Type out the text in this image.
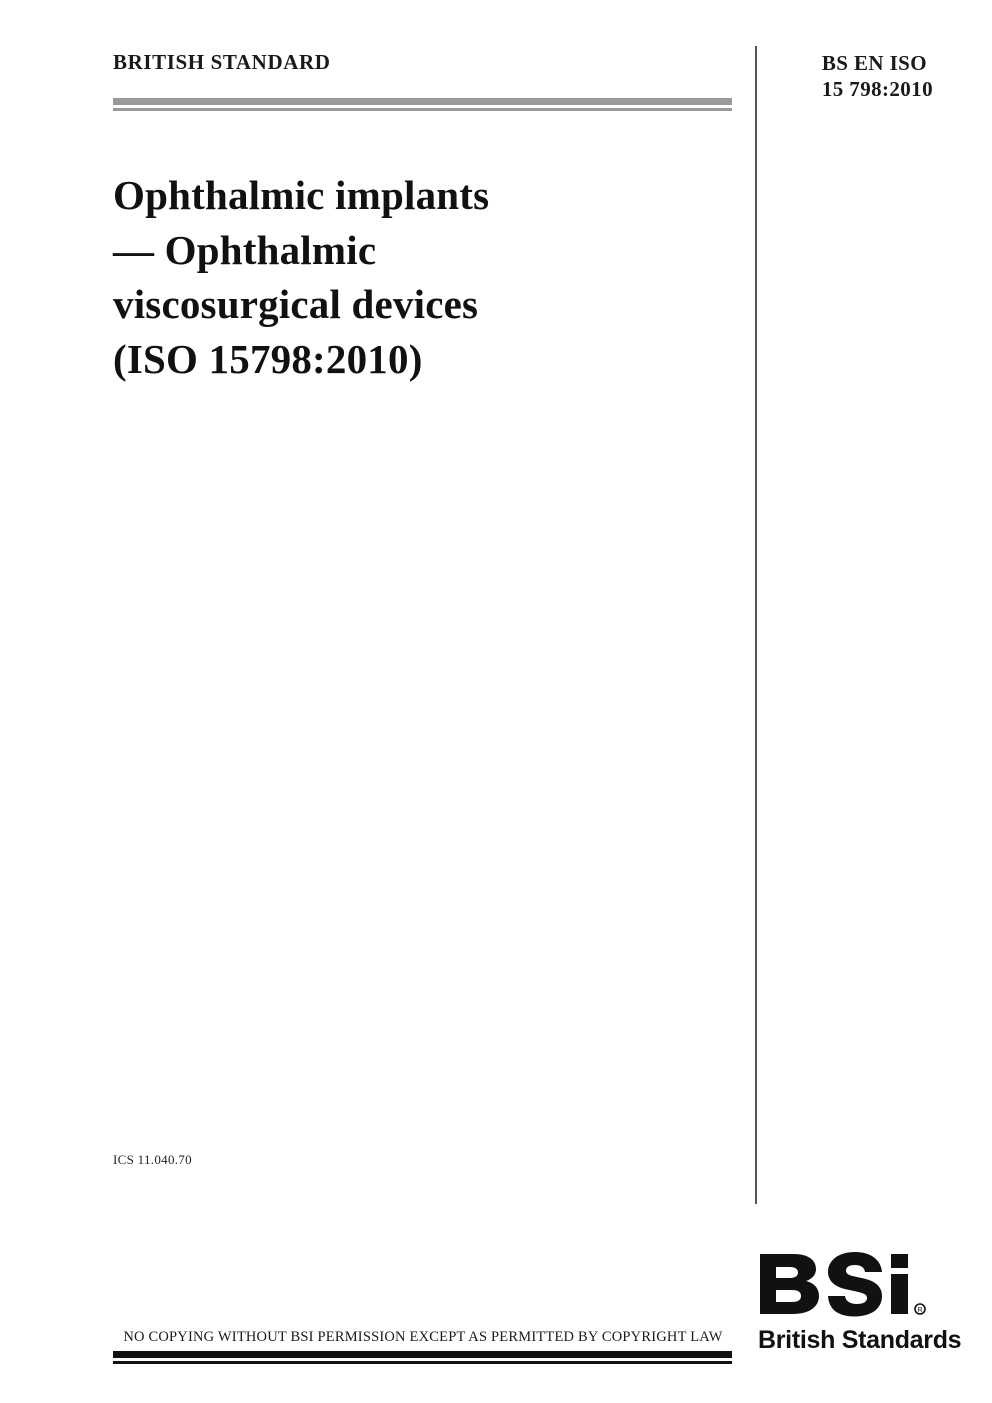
BRITISH STANDARD	BS EN ISO
15 798:2010
Ophthalmic implants
— Ophthalmic
viscosurgical devices
(ISO 15798:2010)
ICS 11.040.70
NO COPYING WITHOUT BSI PERMISSION EXCEPT AS PERMITTED BY COPYRIGHT LAW
R
British Standards
